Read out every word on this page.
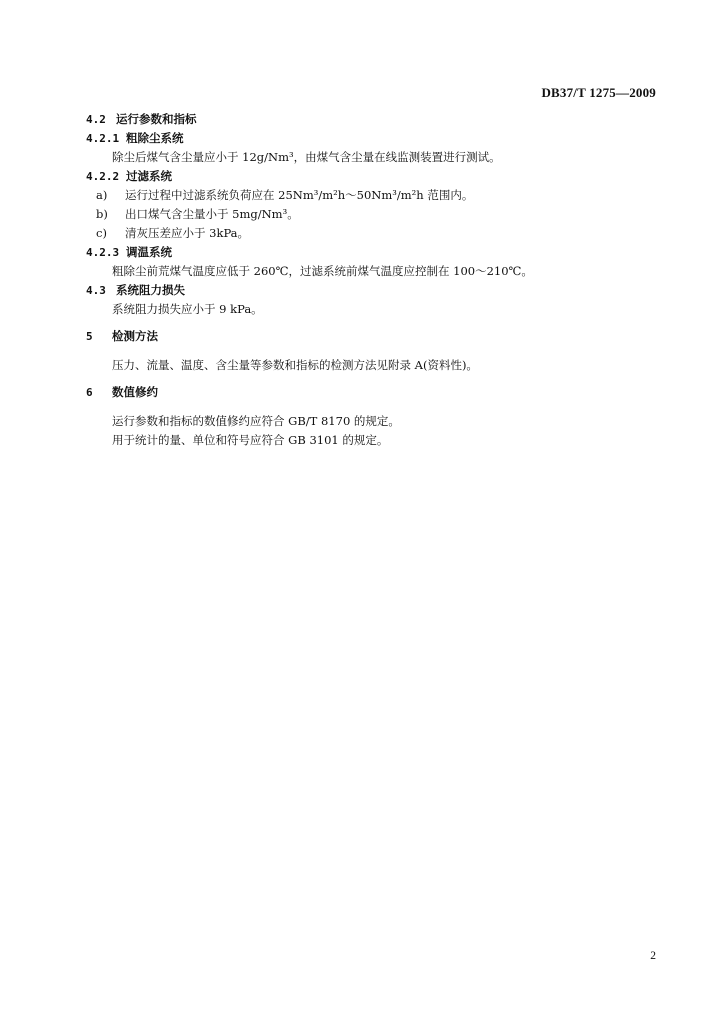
DB37/T 1275—2009
4.2 运行参数和指标
4.2.1 粗除尘系统
除尘后煤气含尘量应小于 12g/Nm³，由煤气含尘量在线监测装置进行测试。
4.2.2 过滤系统
a) 运行过程中过滤系统负荷应在 25Nm³/m²h～50Nm³/m²h 范围内。
b) 出口煤气含尘量小于 5mg/Nm³。
c) 清灰压差应小于 3kPa。
4.2.3 调温系统
粗除尘前荒煤气温度应低于 260℃，过滤系统前煤气温度应控制在 100～210℃。
4.3 系统阻力损失
系统阻力损失应小于 9 kPa。
5 检测方法
压力、流量、温度、含尘量等参数和指标的检测方法见附录 A(资料性)。
6 数值修约
运行参数和指标的数值修约应符合 GB/T 8170 的规定。
用于统计的量、单位和符号应符合 GB 3101 的规定。
2
